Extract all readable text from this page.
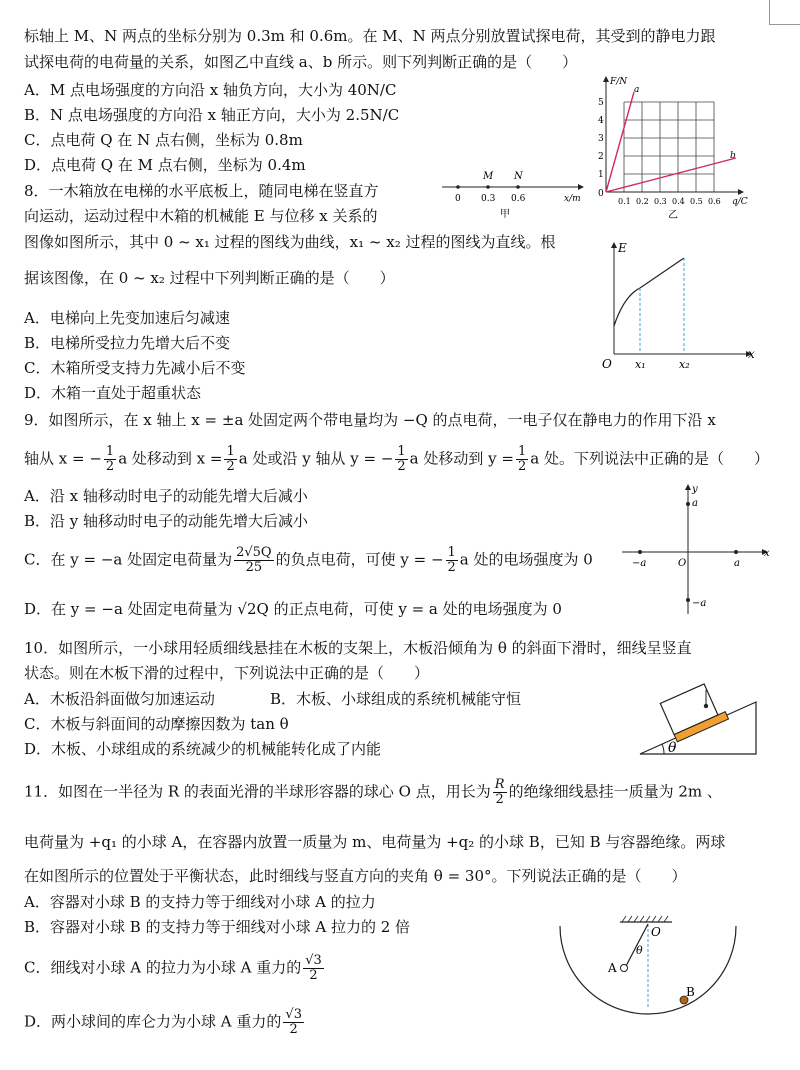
标轴上 M、N 两点的坐标分别为 0.3m 和 0.6m。在 M、N 两点分别放置试探电荷，其受到的静电力跟
试探电荷的电荷量的关系，如图乙中直线 a、b 所示。则下列判断正确的是（　　）
A．M 点电场强度的方向沿 x 轴负方向，大小为 40N/C
B．N 点电场强度的方向沿 x 轴正方向，大小为 2.5N/C
C．点电荷 Q 在 N 点右侧，坐标为 0.8m
D．点电荷 Q 在 M 点右侧，坐标为 0.4m
M N
0 0.3 0.6	x/m
甲
a
b
F/N
1
2
3
4
5
0
0.1 0.2 0.3 0.4 0.5 0.6 q/C
乙
8．一木箱放在电梯的水平底板上，随同电梯在竖直方
向运动，运动过程中木箱的机械能 E 与位移 x 关系的
图像如图所示，其中 0 ~ x₁ 过程的图线为曲线，x₁ ~ x₂ 过程的图线为直线。根
据该图像，在 0 ~ x₂ 过程中下列判断正确的是（　　）
A．电梯向上先变加速后匀减速
B．电梯所受拉力先增大后不变
C．木箱所受支持力先减小后不变
D．木箱一直处于超重状态
E
x
O x₁	x₂
9．如图所示，在 x 轴上 x = ±a 处固定两个带电量均为 −Q 的点电荷，一电子仅在静电力的作用下沿 x
轴从 x = − $\frac{1}{2}$ a 处移动到 $x = \frac{1}{2}$ a 处或沿 y 轴从 y = − $\frac{1}{2}$ a 处移动到 $y = \frac{1}{2}$ a 处。下列说法中正确的是（　　）
A．沿 x 轴移动时电子的动能先增大后减小
B．沿 y 轴移动时电子的动能先增大后减小
C．在 y = −a 处固定电荷量为 $\frac{2√5Q}{25}$ 的负点电荷，可使 y = − $\frac{1}{2}$ a 处的电场强度为 0
D．在 y = −a 处固定电荷量为 √2Q 的正点电荷，可使 y = a 处的电场强度为 0
y
x
a
−a	O	a
−a
10．如图所示，一小球用轻质细线悬挂在木板的支架上，木板沿倾角为 θ 的斜面下滑时，细线呈竖直
状态。则在木板下滑的过程中，下列说法中正确的是（　　）
A．木板沿斜面做匀加速运动	B．木板、小球组成的系统机械能守恒
C．木板与斜面间的动摩擦因数为 tan θ
D．木板、小球组成的系统减少的机械能转化成了内能	θ
11．如图在一半径为 R 的表面光滑的半球形容器的球心 O 点，用长为 $\frac{R}{2}$ 的绝缘细线悬挂一质量为 2m 、
电荷量为 +q₁ 的小球 A，在容器内放置一质量为 m、电荷量为 +q₂ 的小球 B，已知 B 与容器绝缘。两球
在如图所示的位置处于平衡状态，此时细线与竖直方向的夹角 θ = 30°。下列说法正确的是（　　）
A．容器对小球 B 的支持力等于细线对小球 A 的拉力
B．容器对小球 B 的支持力等于细线对小球 A 拉力的 2 倍
C．细线对小球 A 的拉力为小球 A 重力的 $\frac{√3}{2}$
D．两小球间的库仑力为小球 A 重力的 $\frac{√3}{2}$
O
θ
A
B
